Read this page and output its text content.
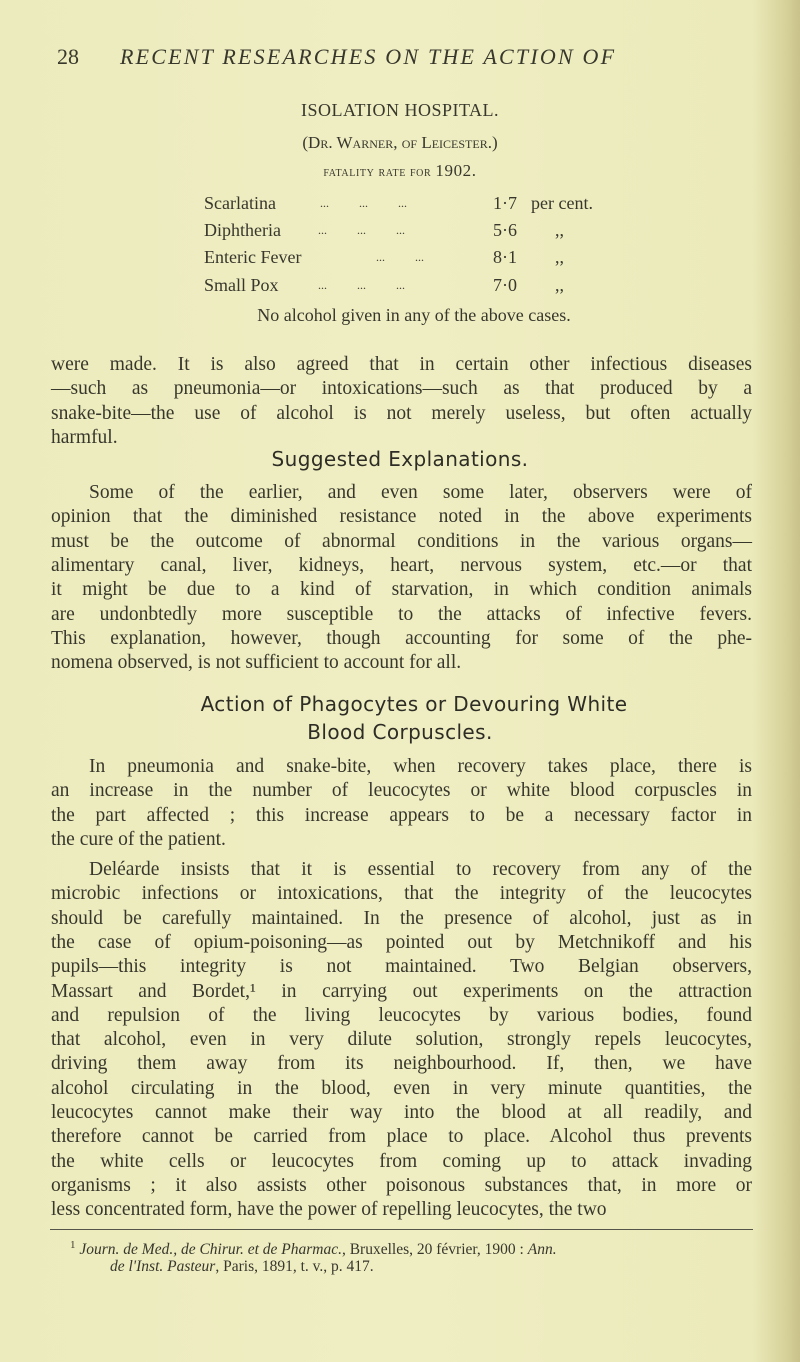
28 RECENT RESEARCHES ON THE ACTION OF
ISOLATION HOSPITAL.
(Dr. Warner, of Leicester.)
fatality rate for 1902.
Scarlatina	...          ...          ...	1·7 per cent.
Diphtheria	...          ...          ...	5·6 ,,
Enteric Fever	...          ...	8·1 ,,
Small Pox	...          ...          ...	7·0 ,,
No alcohol given in any of the above cases.
were made. It is also agreed that in certain other infectious diseases
—such as pneumonia—or intoxications—such as that produced by a
snake-bite—the use of alcohol is not merely useless, but often actually
harmful.
Some of the earlier, and even some later, observers were of
opinion that the diminished resistance noted in the above experiments
must be the outcome of abnormal conditions in the various organs—
alimentary canal, liver, kidneys, heart, nervous system, etc.—or that
it might be due to a kind of starvation, in which condition animals
are undonbtedly more susceptible to the attacks of infective fevers.
This explanation, however, though accounting for some of the phe-
nomena observed, is not sufficient to account for all.
In pneumonia and snake-bite, when recovery takes place, there is
an increase in the number of leucocytes or white blood corpuscles in
the part affected ; this increase appears to be a necessary factor in
the cure of the patient.
Deléarde insists that it is essential to recovery from any of the
microbic infections or intoxications, that the integrity of the leucocytes
should be carefully maintained. In the presence of alcohol, just as in
the case of opium-poisoning—as pointed out by Metchnikoff and his
pupils—this integrity is not maintained. Two Belgian observers,
Massart and Bordet,¹ in carrying out experiments on the attraction
and repulsion of the living leucocytes by various bodies, found
that alcohol, even in very dilute solution, strongly repels leucocytes,
driving them away from its neighbourhood. If, then, we have
alcohol circulating in the blood, even in very minute quantities, the
leucocytes cannot make their way into the blood at all readily, and
therefore cannot be carried from place to place. Alcohol thus prevents
the white cells or leucocytes from coming up to attack invading
organisms ; it also assists other poisonous substances that, in more or
less concentrated form, have the power of repelling leucocytes, the two
Suggested Explanations.
Action of Phagocytes or Devouring White
Blood Corpuscles.
$^1$ Journ. de Med., de Chirur. et de Pharmac., Bruxelles, 20 février, 1900 : Ann.
de l'Inst. Pasteur, Paris, 1891, t. v., p. 417.
